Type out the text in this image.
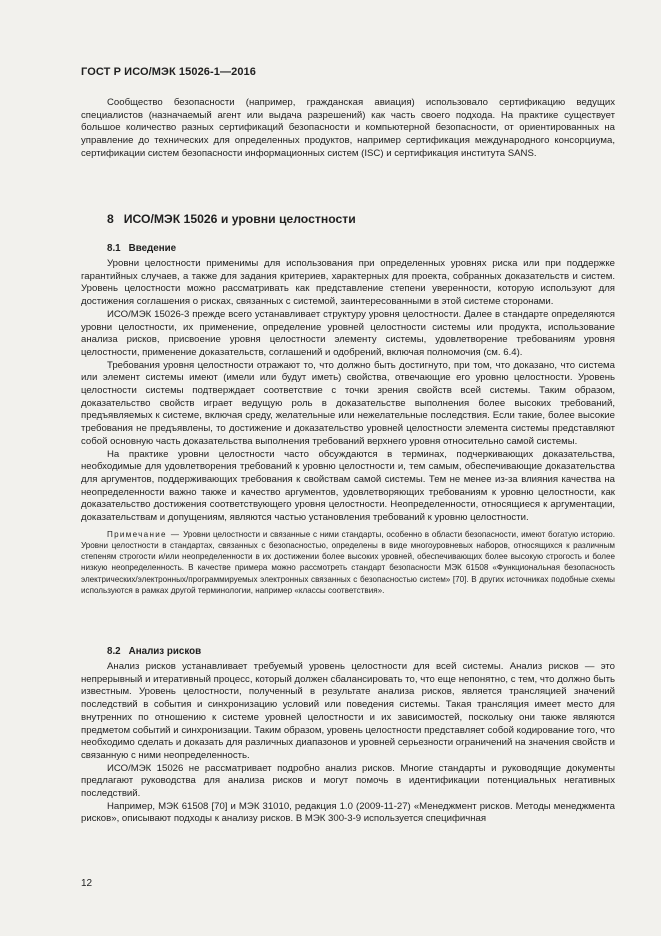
ГОСТ Р ИСО/МЭК 15026-1—2016

Сообщество безопасности (например, гражданская авиация) использовало сертификацию ведущих специалистов (назначаемый агент или выдача разрешений) как часть своего подхода. На практике существует большое количество разных сертификаций безопасности и компьютерной безопасности, от ориентированных на управление до технических для определенных продуктов, например сертификация международного консорциума, сертификации систем безопасности информационных систем (ISC) и сертификация института SANS.

8 ИСО/МЭК 15026 и уровни целостности
8.1 Введение

Уровни целостности применимы для использования при определенных уровнях риска или при поддержке гарантийных случаев, а также для задания критериев, характерных для проекта, собранных доказательств и систем. Уровень целостности можно рассматривать как представление степени уверенности, которую используют для достижения соглашения о рисках, связанных с системой, заинтересованными в этой системе сторонами.

ИСО/МЭК 15026-3 прежде всего устанавливает структуру уровня целостности. Далее в стандарте определяются уровни целостности, их применение, определение уровней целостности системы или продукта, использование анализа рисков, присвоение уровня целостности элементу системы, удовлетворение требованиям уровня целостности, применение доказательств, соглашений и одобрений, включая полномочия (см. 6.4).

Требования уровня целостности отражают то, что должно быть достигнуто, при том, что доказано, что система или элемент системы имеют (имели или будут иметь) свойства, отвечающие его уровню целостности. Уровень целостности системы подтверждает соответствие с точки зрения свойств всей системы. Таким образом, доказательство свойств играет ведущую роль в доказательстве выполнения более высоких требований, предъявляемых к системе, включая среду, желательные или нежелательные последствия. Если такие, более высокие требования не предъявлены, то достижение и доказательство уровней целостности элемента системы представляют собой основную часть доказательства выполнения требований верхнего уровня относительно самой системы.

На практике уровни целостности часто обсуждаются в терминах, подчеркивающих доказательства, необходимые для удовлетворения требований к уровню целостности и, тем самым, обеспечивающие доказательства для аргументов, поддерживающих требования к свойствам самой системы. Тем не менее из-за влияния качества на неопределенности важно также и качество аргументов, удовлетворяющих требованиям к уровню целостности, как доказательство достижения соответствующего уровня целостности. Неопределенности, относящиеся к аргументации, доказательствам и допущениям, являются частью установления требований к уровню целостности.

Примечание — Уровни целостности и связанные с ними стандарты, особенно в области безопасности, имеют богатую историю. Уровни целостности в стандартах, связанных с безопасностью, определены в виде многоуровневых наборов, относящихся к различным степеням строгости и/или неопределенности в их достижении более высоких уровней, обеспечивающих более высокую строгость и более низкую неопределенность. В качестве примера можно рассмотреть стандарт безопасности МЭК 61508 «Функциональная безопасность электрических/электронных/программируемых электронных связанных с безопасностью систем» [70]. В других источниках подобные схемы используются в рамках другой терминологии, например «классы соответствия».

8.2 Анализ рисков

Анализ рисков устанавливает требуемый уровень целостности для всей системы. Анализ рисков — это непрерывный и итеративный процесс, который должен сбалансировать то, что еще непонятно, с тем, что должно быть известным. Уровень целостности, полученный в результате анализа рисков, является трансляцией значений последствий в события и синхронизацию условий или поведения системы. Такая трансляция имеет место для внутренних по отношению к системе уровней целостности и их зависимостей, поскольку они также являются предметом событий и синхронизации. Таким образом, уровень целостности представляет собой кодирование того, что необходимо сделать и доказать для различных диапазонов и уровней серьезности ограничений на значения свойств и связанную с ними неопределенность.

ИСО/МЭК 15026 не рассматривает подробно анализ рисков. Многие стандарты и руководящие документы предлагают руководства для анализа рисков и могут помочь в идентификации потенциальных негативных последствий.

Например, МЭК 61508 [70] и МЭК 31010, редакция 1.0 (2009-11-27) «Менеджмент рисков. Методы менеджмента рисков», описывают подходы к анализу рисков. В МЭК 300-3-9 используется специфичная

12
